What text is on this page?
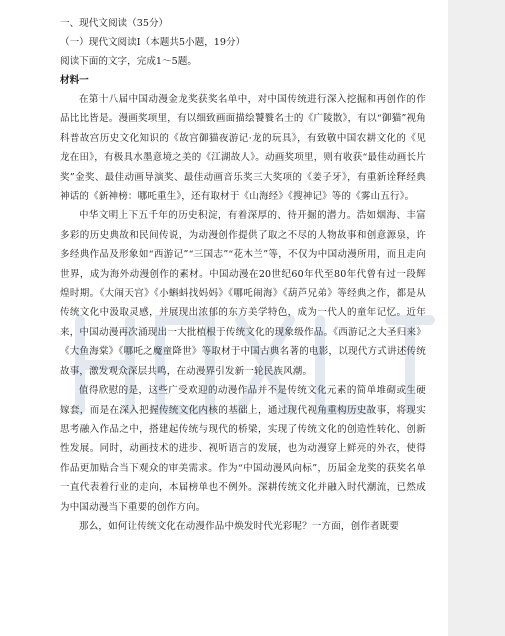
一、现代文阅读（35分）
（一）现代文阅读Ⅰ（本题共5小题，19分）
阅读下面的文字，完成1～5题。
材料一

在第十八届中国动漫金龙奖获奖名单中，对中国传统进行深入挖掘和再创作的作品比比皆是。漫画奖项里，有以细致画面描绘饕餮名士的《广陵散》，有以“御猫”视角科普故宫历史文化知识的《故宫御猫夜游记·龙的玩具》，有致敬中国农耕文化的《见龙在田》，有极具水墨意境之美的《江湖故人》。动画奖项里，则有收获“最佳动画长片奖”金奖、最佳动画导演奖、最佳动画音乐奖三大奖项的《姜子牙》，有重新诠释经典神话的《新神榜：哪吒重生》，还有取材于《山海经》《搜神记》等的《雾山五行》。

中华文明上下五千年的历史积淀，有着深厚的、待开掘的潜力。浩如烟海、丰富多彩的历史典故和民间传说，为动漫创作提供了取之不尽的人物故事和创意源泉，许多经典作品及形象如“西游记”“三国志”“花木兰”等，不仅为中国动漫所用，而且走向世界，成为海外动漫创作的素材。中国动漫在20世纪60年代至80年代曾有过一段辉煌时期。《大闹天宫》《小蝌蚪找妈妈》《哪吒闹海》《葫芦兄弟》等经典之作，都是从传统文化中汲取灵感，并展现出浓郁的东方美学特色，成为一代人的童年记忆。近年来，中国动漫再次涌现出一大批植根于传统文化的现象级作品。《西游记之大圣归来》《大鱼海棠》《哪吒之魔童降世》等取材于中国古典名著的电影，以现代方式讲述传统故事，激发观众深层共鸣，在动漫界引发新一轮民族风潮。

值得欣慰的是，这些广受欢迎的动漫作品并不是传统文化元素的简单堆砌或生硬嫁套，而是在深入把握传统文化内核的基础上，通过现代视角重构历史故事，将现实思考融入作品之中，搭建起传统与现代的桥梁，实现了传统文化的创造性转化、创新性发展。同时，动画技术的进步、视听语言的发展，也为动漫穿上鲜亮的外衣，使得作品更加贴合当下观众的审美需求。作为“中国动漫风向标”，历届金龙奖的获奖名单一直代表着行业的走向，本届榜单也不例外。深耕传统文化并融入时代潮流，已然成为中国动漫当下重要的创作方向。

那么，如何让传统文化在动漫作品中焕发时代光彩呢？一方面，创作者既要
